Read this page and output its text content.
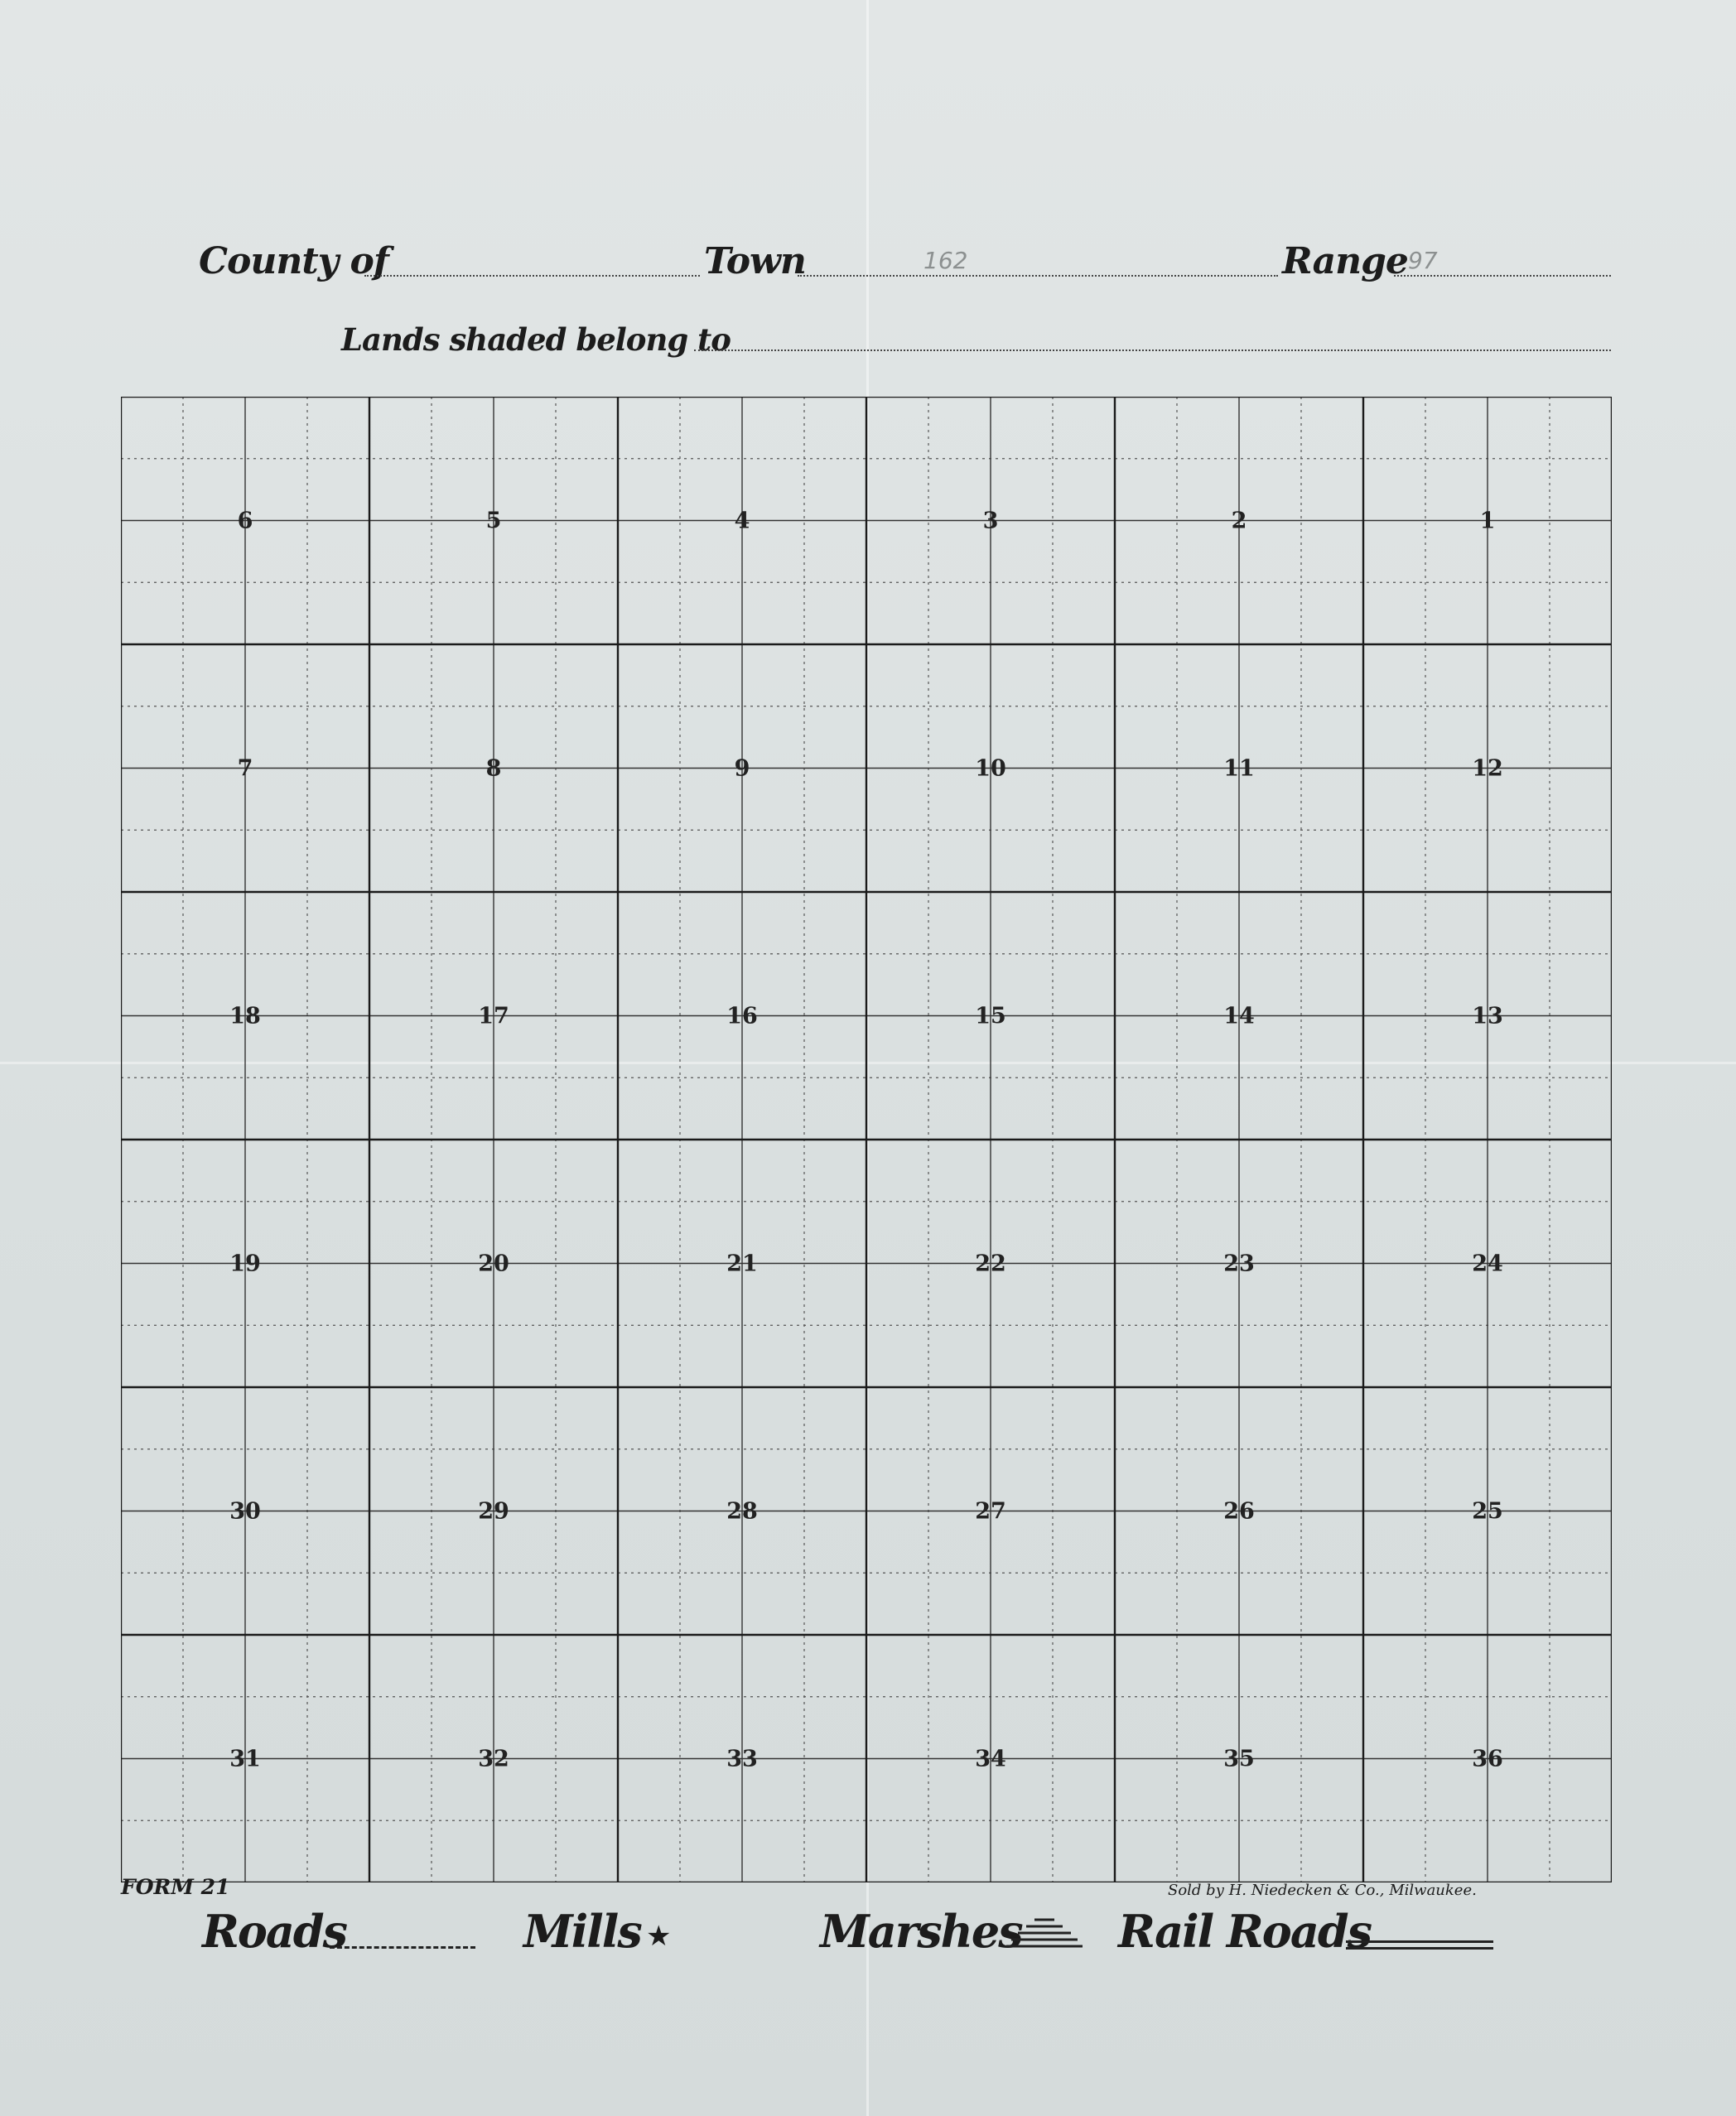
County of	Town	162	Range 97
Lands shaded belong to
6	5	4	3	2	1
7	8	9	10	11	12
18	17	16	15	14	13
19	20	21	22	23	24
30	29	28	27	26	25
31	32	33	34	35	36
FORM 21	Sold by H. Niedecken & Co., Milwaukee.
Roads	Mills ★	Marshes Rail Roads
